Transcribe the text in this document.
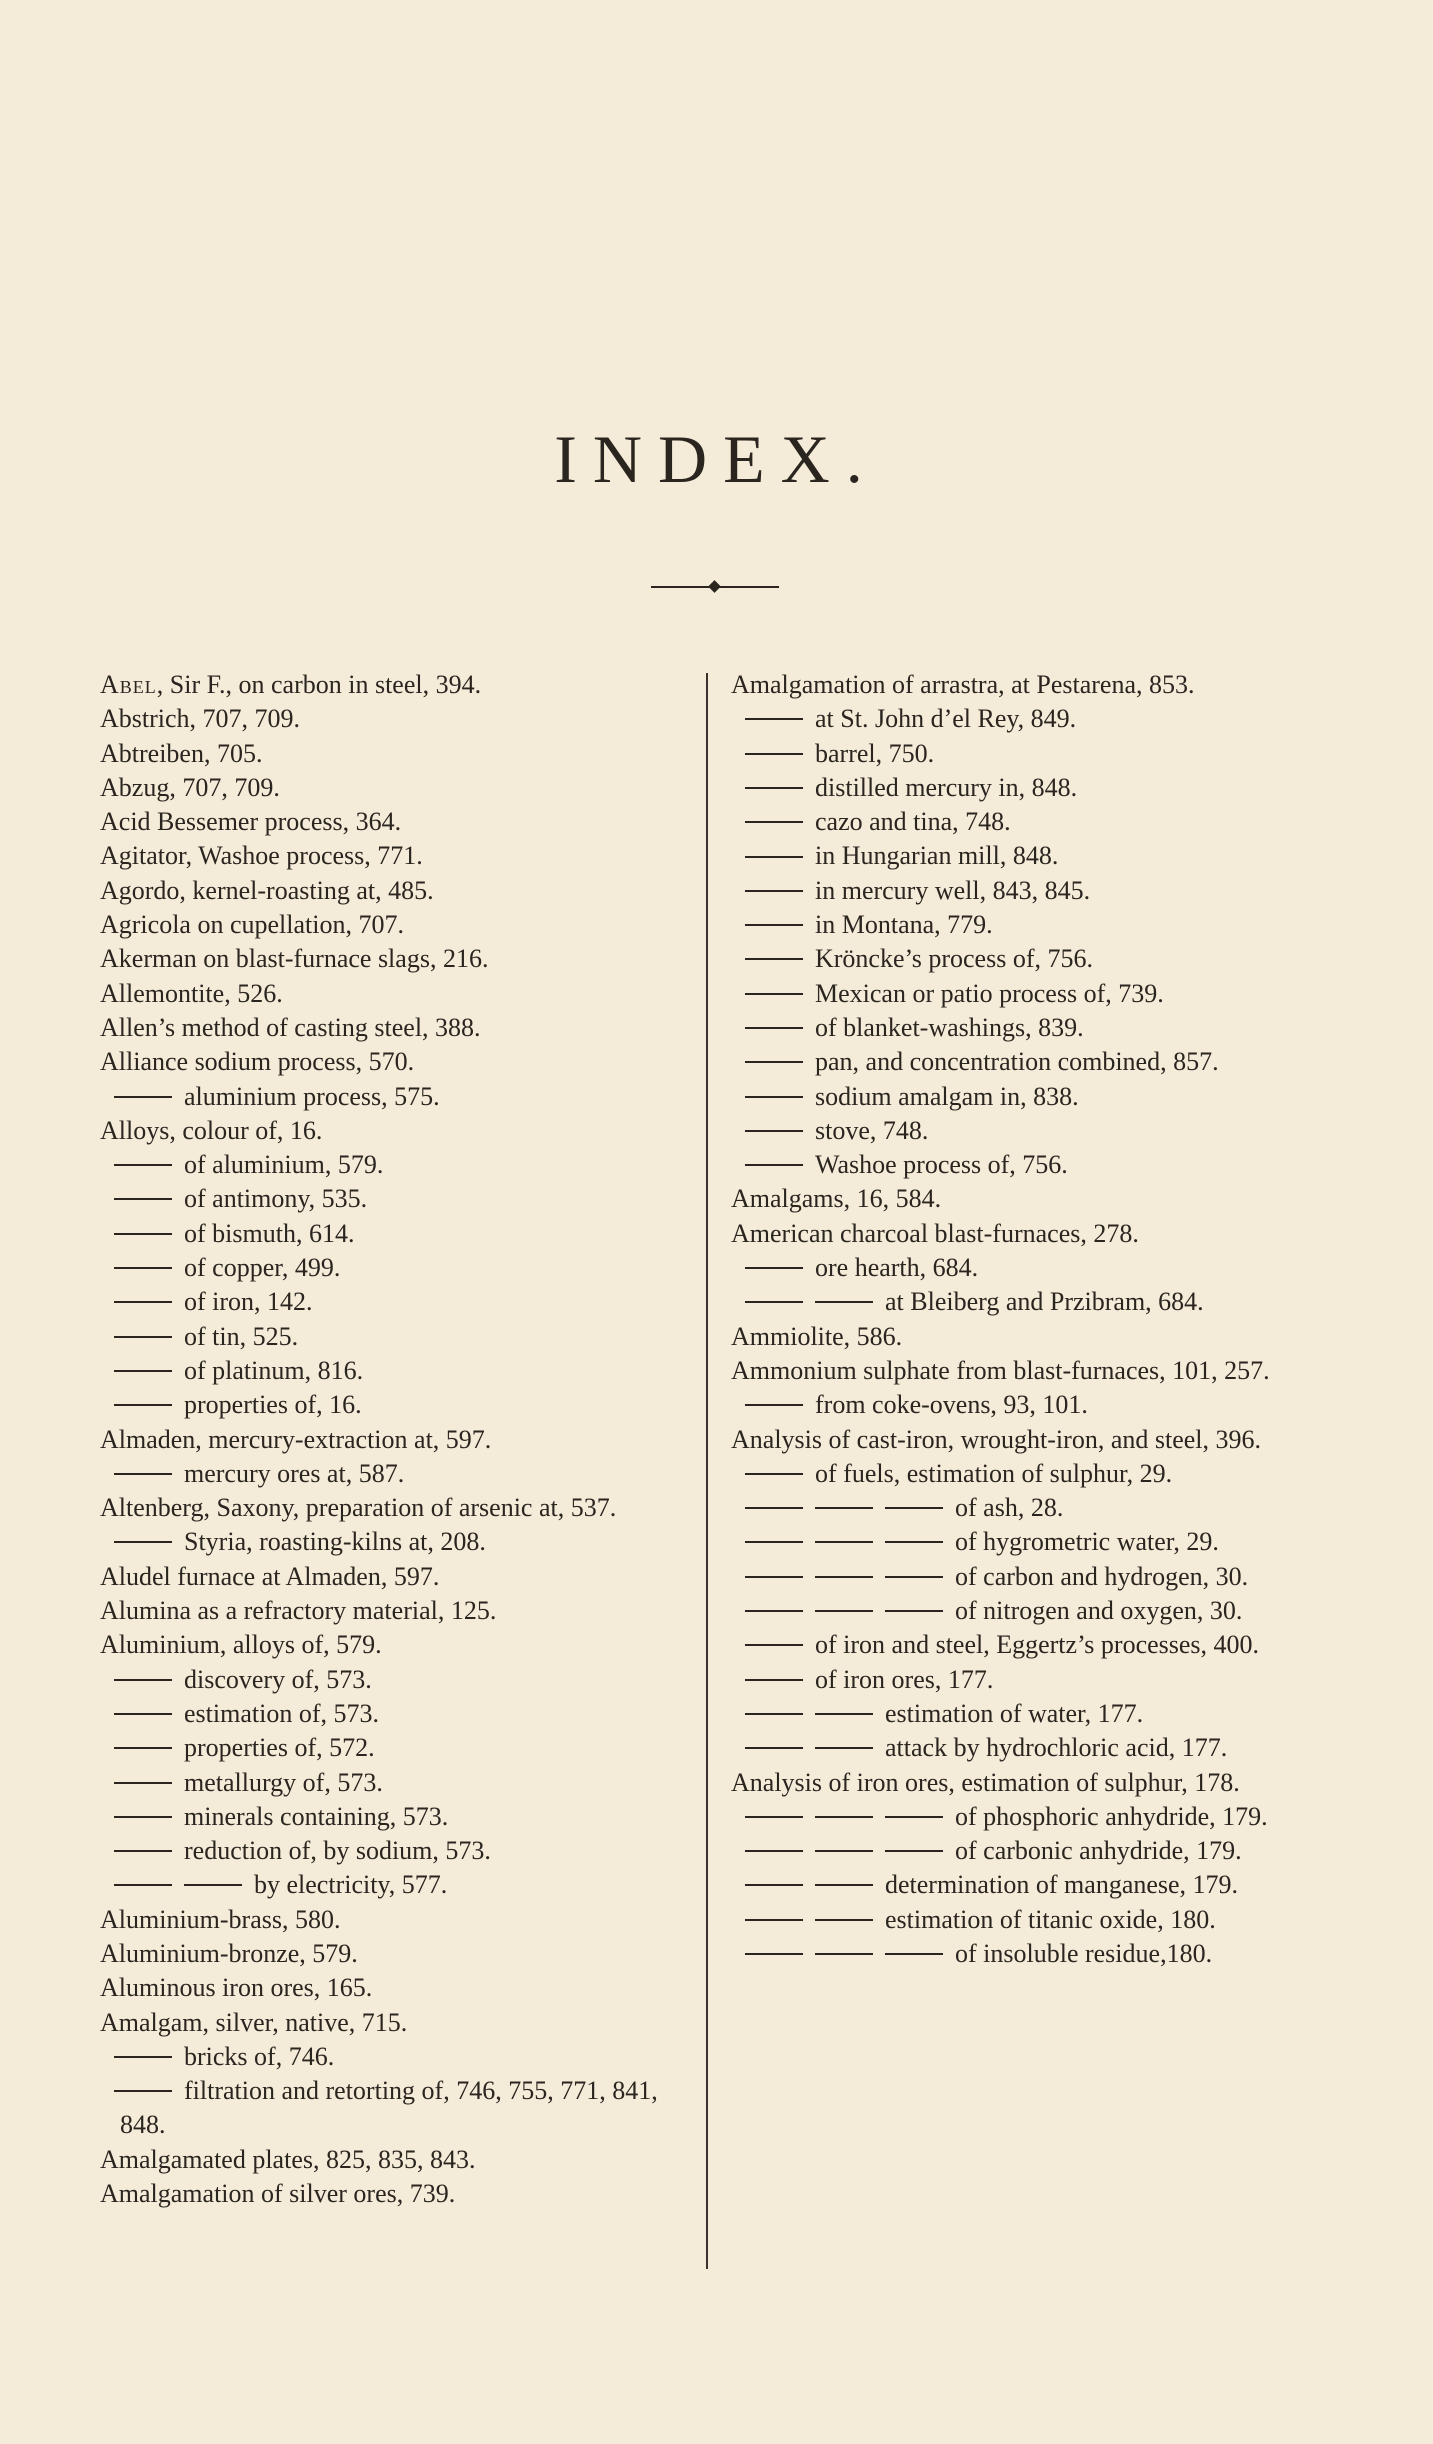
INDEX.

Abel, Sir F., on carbon in steel, 394.

Abstrich, 707, 709.

Abtreiben, 705.

Abzug, 707, 709.

Acid Bessemer process, 364.

Agitator, Washoe process, 771.

Agordo, kernel-roasting at, 485.

Agricola on cupellation, 707.

Akerman on blast-furnace slags, 216.

Allemontite, 526.

Allen’s method of casting steel, 388.

Alliance sodium process, 570.

aluminium process, 575.

Alloys, colour of, 16.

of aluminium, 579.

of antimony, 535.

of bismuth, 614.

of copper, 499.

of iron, 142.

of tin, 525.

of platinum, 816.

properties of, 16.

Almaden, mercury-extraction at, 597.

mercury ores at, 587.

Altenberg, Saxony, preparation of arsenic at, 537.

Styria, roasting-kilns at, 208.

Aludel furnace at Almaden, 597.

Alumina as a refractory material, 125.

Aluminium, alloys of, 579.

discovery of, 573.

estimation of, 573.

properties of, 572.

metallurgy of, 573.

minerals containing, 573.

reduction of, by sodium, 573.

by electricity, 577.

Aluminium-brass, 580.

Aluminium-bronze, 579.

Aluminous iron ores, 165.

Amalgam, silver, native, 715.

bricks of, 746.

filtration and retorting of, 746, 755, 771, 841, 848.

Amalgamated plates, 825, 835, 843.

Amalgamation of silver ores, 739.

Amalgamation of arrastra, at Pestarena, 853.

at St. John d’el Rey, 849.

barrel, 750.

distilled mercury in, 848.

cazo and tina, 748.

in Hungarian mill, 848.

in mercury well, 843, 845.

in Montana, 779.

Kröncke’s process of, 756.

Mexican or patio process of, 739.

of blanket-washings, 839.

pan, and concentration combined, 857.

sodium amalgam in, 838.

stove, 748.

Washoe process of, 756.

Amalgams, 16, 584.

American charcoal blast-furnaces, 278.

ore hearth, 684.

at Bleiberg and Przibram, 684.

Ammiolite, 586.

Ammonium sulphate from blast-furnaces, 101, 257.

from coke-ovens, 93, 101.

Analysis of cast-iron, wrought-iron, and steel, 396.

of fuels, estimation of sulphur, 29.

of ash, 28.

of hygrometric water, 29.

of carbon and hydrogen, 30.

of nitrogen and oxygen, 30.

of iron and steel, Eggertz’s processes, 400.

of iron ores, 177.

estimation of water, 177.

attack by hydrochloric acid, 177.

Analysis of iron ores, estimation of sulphur, 178.

of phosphoric anhydride, 179.

of carbonic anhydride, 179.

determination of manganese, 179.

estimation of titanic oxide, 180.

of insoluble residue,180.
